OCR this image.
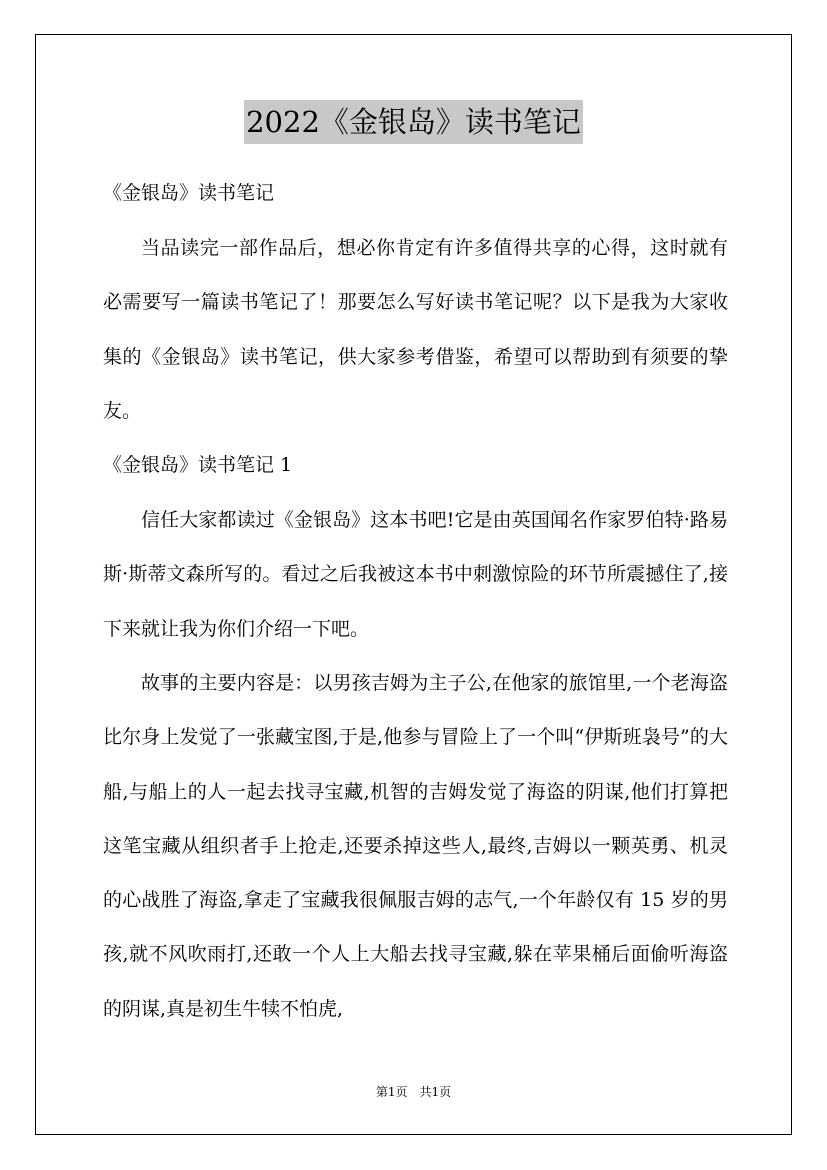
2022《金银岛》读书笔记
《金银岛》读书笔记

当品读完一部作品后，想必你肯定有许多值得共享的心得，这时就有必需要写一篇读书笔记了！那要怎么写好读书笔记呢？以下是我为大家收集的《金银岛》读书笔记，供大家参考借鉴，希望可以帮助到有须要的挚友。

《金银岛》读书笔记 1

信任大家都读过《金银岛》这本书吧!它是由英国闻名作家罗伯特·路易斯·斯蒂文森所写的。看过之后我被这本书中刺激惊险的环节所震撼住了,接下来就让我为你们介绍一下吧。

故事的主要内容是：以男孩吉姆为主子公,在他家的旅馆里,一个老海盗比尔身上发觉了一张藏宝图,于是,他参与冒险上了一个叫“伊斯班袅号”的大船,与船上的人一起去找寻宝藏,机智的吉姆发觉了海盗的阴谋,他们打算把这笔宝藏从组织者手上抢走,还要杀掉这些人,最终,吉姆以一颗英勇、机灵的心战胜了海盗,拿走了宝藏我很佩服吉姆的志气,一个年龄仅有 15 岁的男孩,就不风吹雨打,还敢一个人上大船去找寻宝藏,躲在苹果桶后面偷听海盗的阴谋,真是初生牛犊不怕虎,

第1页　共1页
